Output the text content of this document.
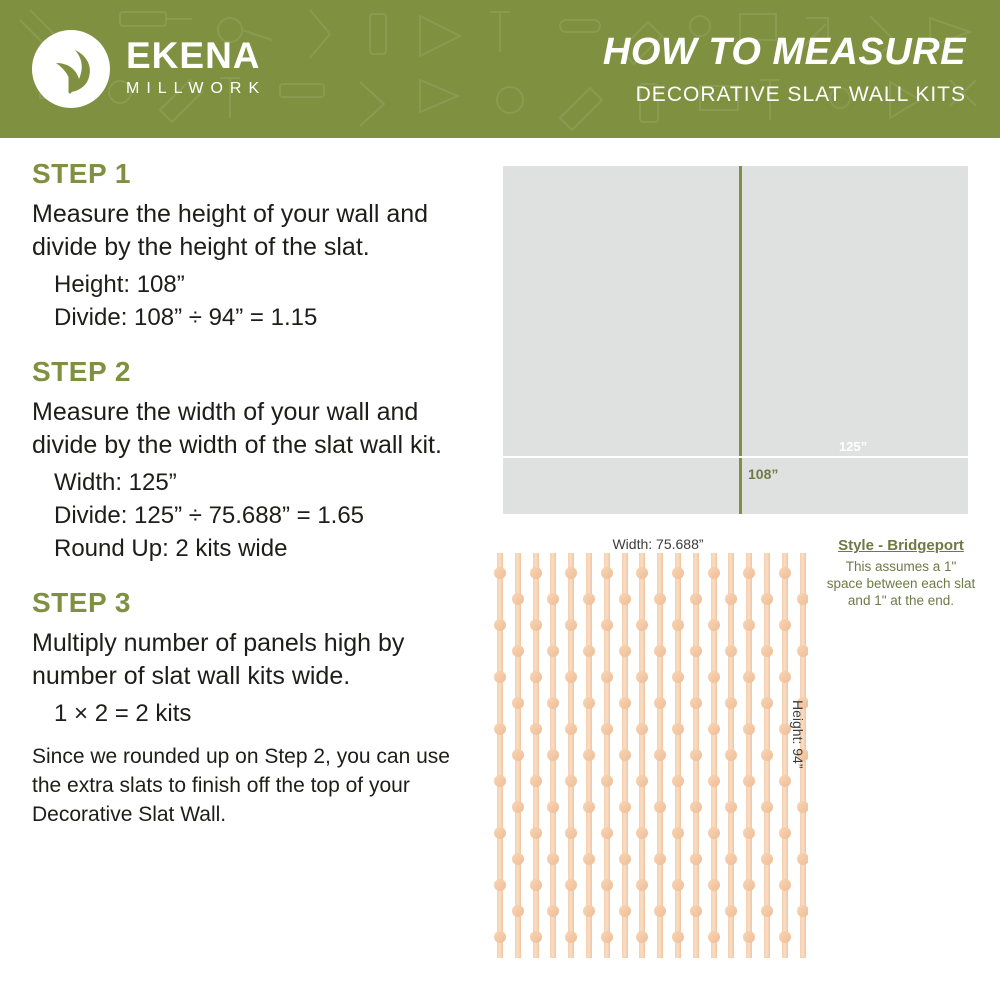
EKENA
MILLWORK
HOW TO MEASURE
DECORATIVE SLAT WALL KITS
STEP 1

Measure the height of your wall and divide by the height of the slat.

Height: 108”
Divide: 108” ÷ 94” = 1.15
STEP 2

Measure the width of your wall and divide by the width of the slat wall kit.

Width: 125”
Divide: 125” ÷ 75.688” = 1.65
Round Up: 2 kits wide
STEP 3

Multiply number of panels high by number of slat wall kits wide.

1 × 2 = 2 kits
Since we rounded up on Step 2, you can use the extra slats to finish off the top of your Decorative Slat Wall.
108”
125”
Width: 75.688”
Height: 94”
Style - Bridgeport
This assumes a 1" space between each slat and 1" at the end.
